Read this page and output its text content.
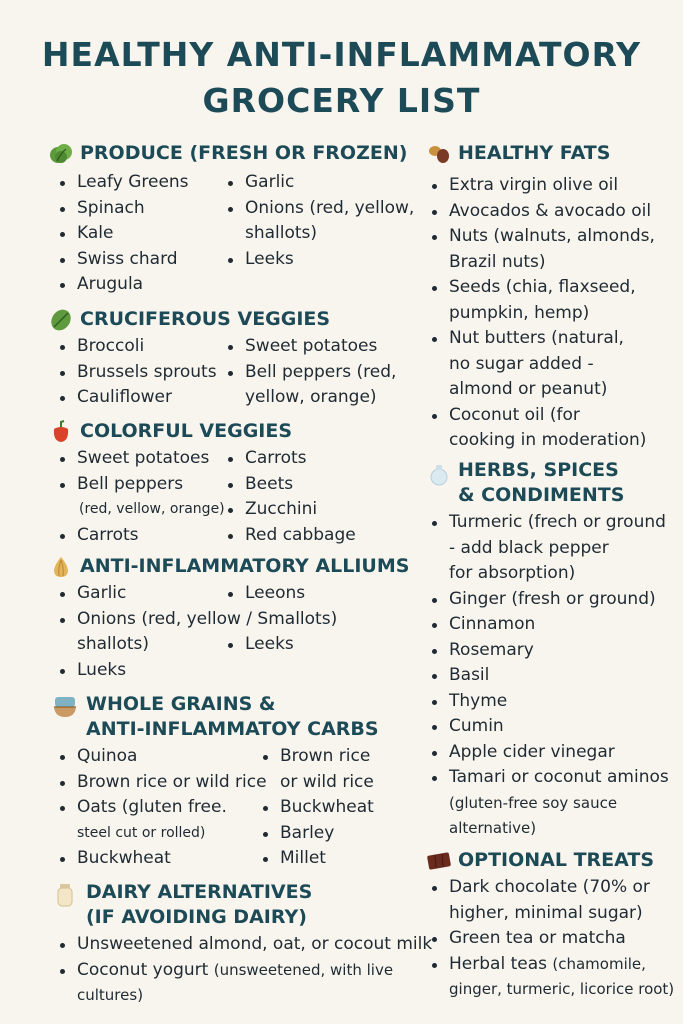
HEALTHY ANTI-INFLAMMATORY
GROCERY LIST
PRODUCE (FRESH OR FROZEN)
Leafy Greens
Spinach
Kale
Swiss chard
Arugula
Garlic
Onions (red, yellow,
shallots)
Leeks
CRUCIFEROUS VEGGIES
Broccoli
Brussels sprouts
Cauliflower
Sweet potatoes
Bell peppers (red,
yellow, orange)
COLORFUL VEGGIES
Sweet potatoes
Bell peppers
(red, vellow, orange)
Carrots
Carrots
Beets
Zucchini
Red cabbage
ANTI-INFLAMMATORY ALLIUMS
Garlic
Onions (red, yellow / Smallots)
shallots)
Lueks
Leeons

Leeks
WHOLE GRAINS &
ANTI-INFLAMMATOY CARBS
Quinoa
Brown rice or wild rice
Oats (gluten free.
steel cut or rolled)
Buckwheat
Brown rice
or wild rice
Buckwheat
Barley
Millet
DAIRY ALTERNATIVES
(IF AVOIDING DAIRY)
Unsweetened almond, oat, or cocout milk
Coconut yogurt (unsweetened, with live
cultures)
HEALTHY FATS
Extra virgin olive oil
Avocados & avocado oil
Nuts (walnuts, almonds,
Brazil nuts)
Seeds (chia, flaxseed,
pumpkin, hemp)
Nut butters (natural,
no sugar added -
almond or peanut)
Coconut oil (for
cooking in moderation)
HERBS, SPICES
& CONDIMENTS
Turmeric (frech or ground
- add black pepper
for absorption)
Ginger (fresh or ground)
Cinnamon
Rosemary
Basil
Thyme
Cumin
Apple cider vinegar
Tamari or coconut aminos
(gluten-free soy sauce
alternative)
OPTIONAL TREATS
Dark chocolate (70% or
higher, minimal sugar)
Green tea or matcha
Herbal teas (chamomile,
ginger, turmeric, licorice root)
